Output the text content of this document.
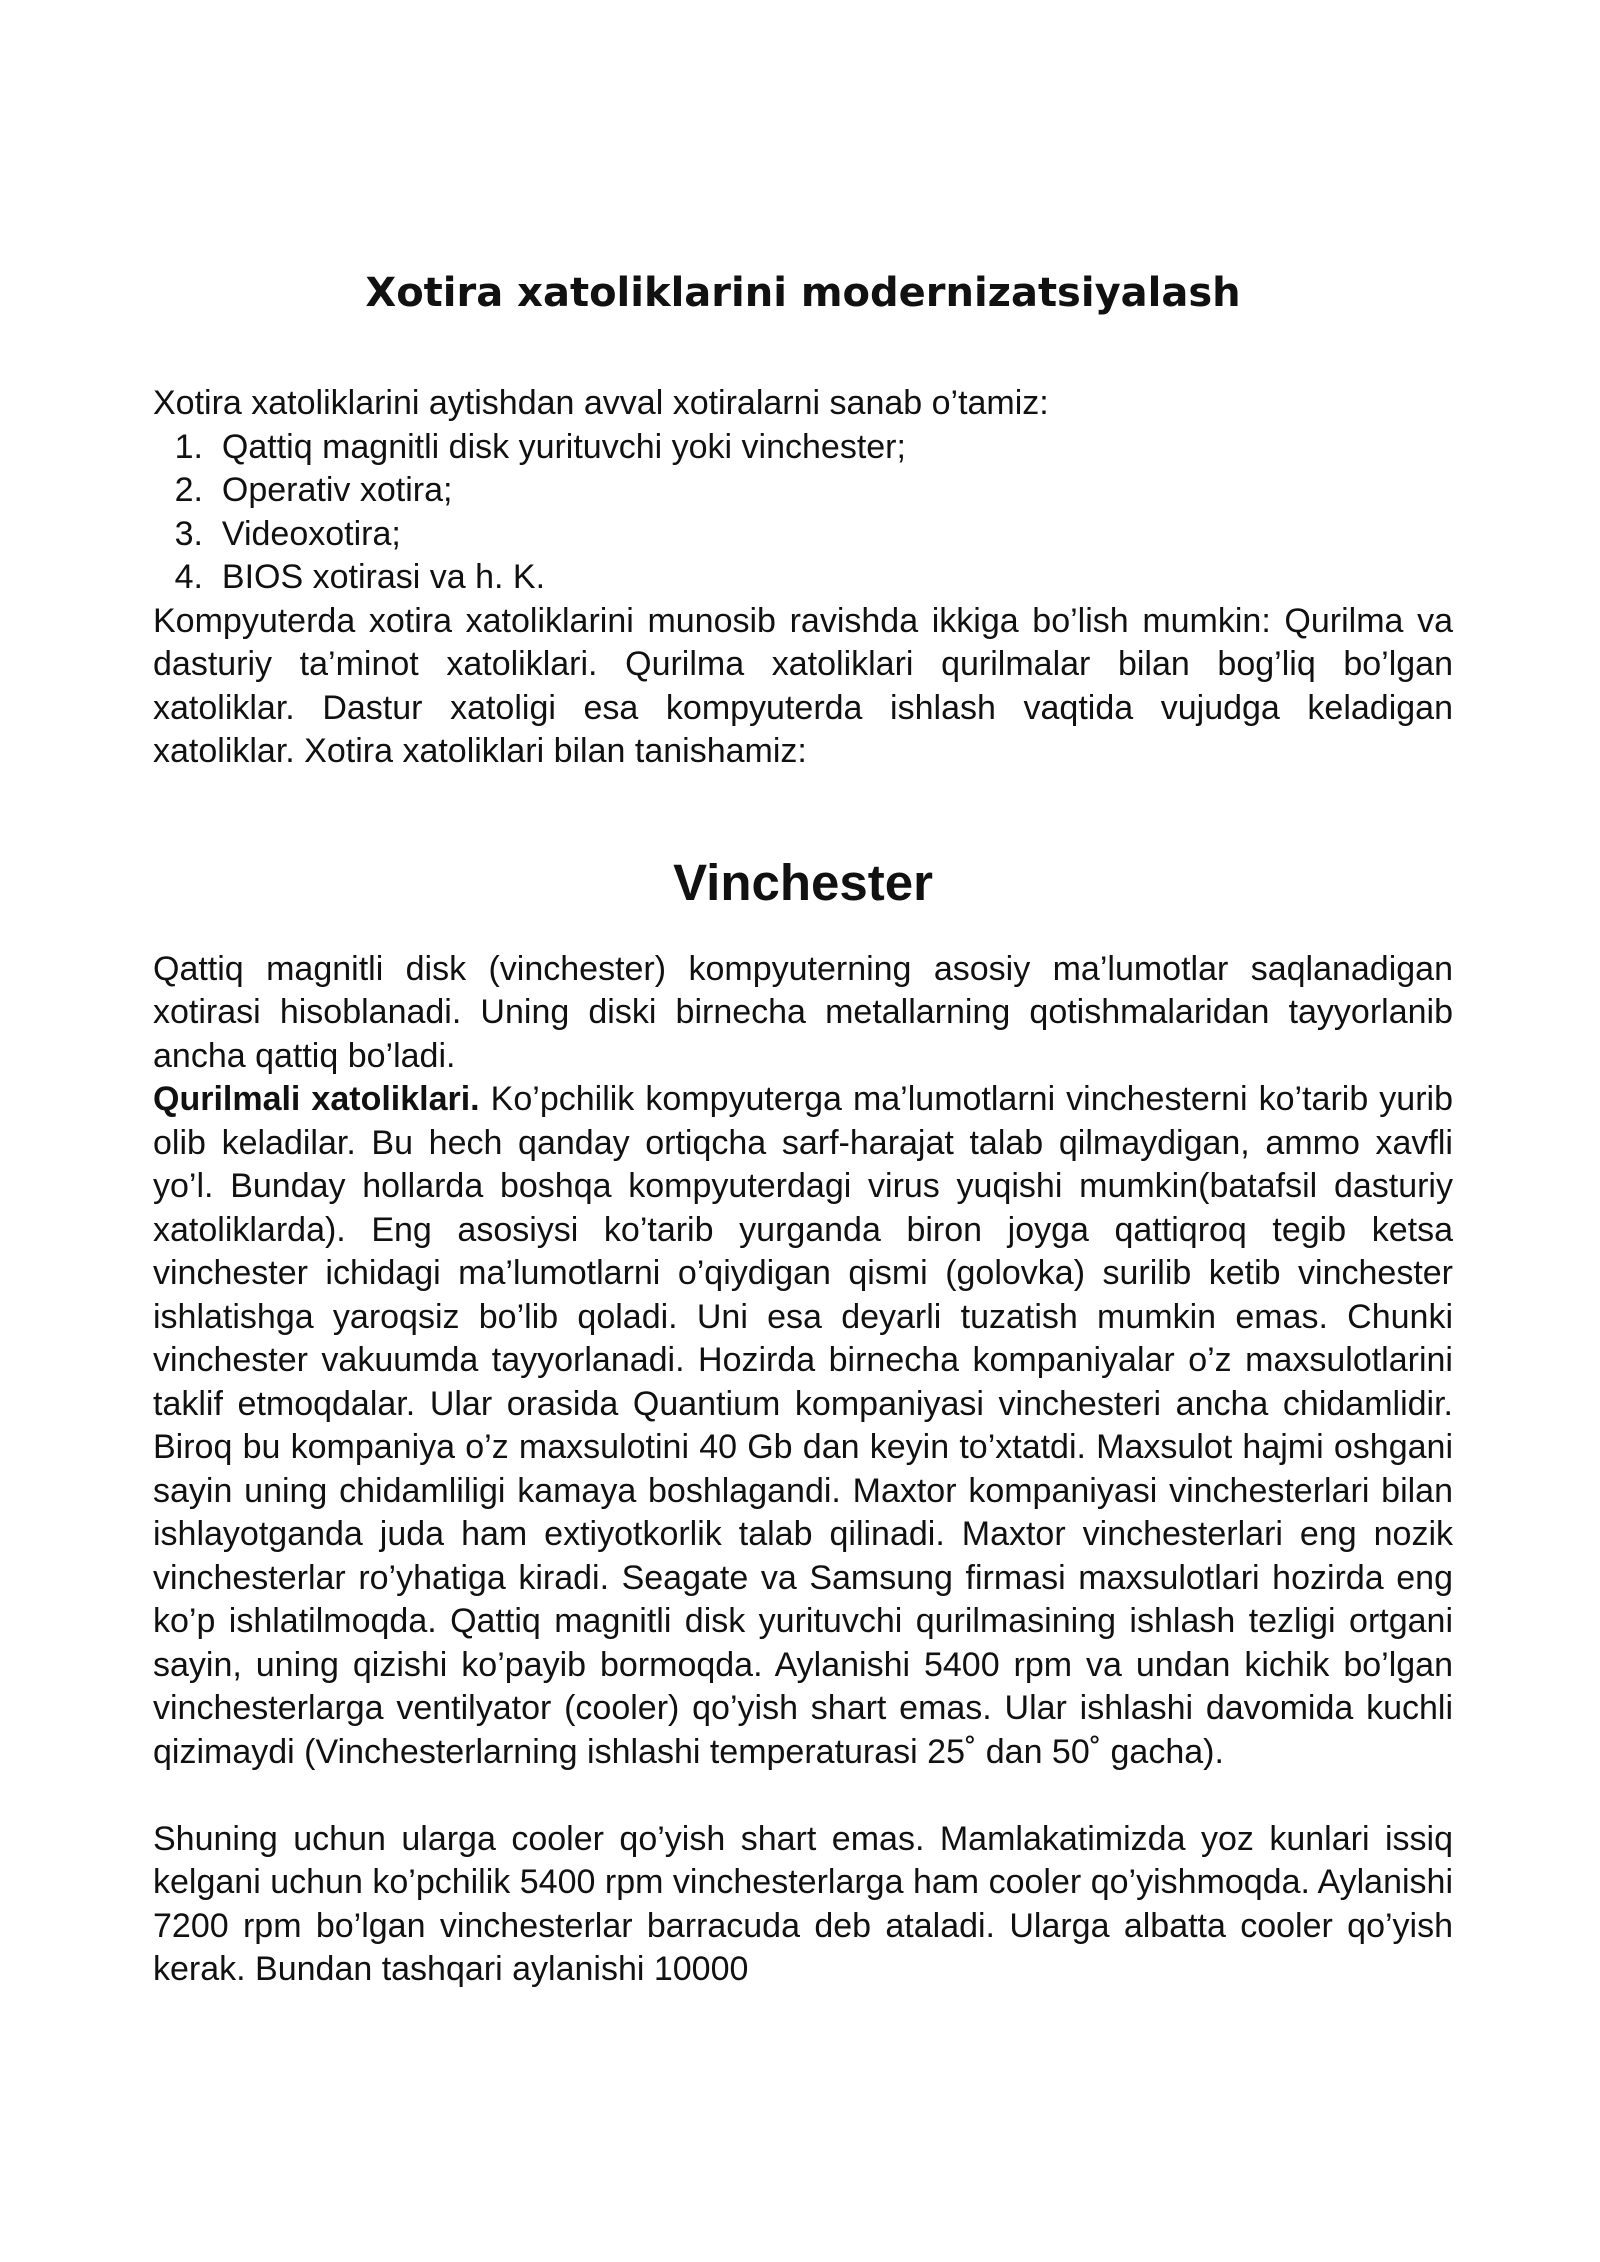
Xotira xatoliklarini modernizatsiyalash

Xotira xatoliklarini aytishdan avval xotiralarni sanab o’tamiz:

1. Qattiq magnitli disk yurituvchi yoki vinchester;
2. Operativ xotira;
3. Videoxotira;
4. BIOS xotirasi va h. K.

Kompyuterda xotira xatoliklarini munosib ravishda ikkiga bo’lish mumkin: Qurilma va dasturiy ta’minot xatoliklari. Qurilma xatoliklari qurilmalar bilan bog’liq bo’lgan xatoliklar. Dastur xatoligi esa kompyuterda ishlash vaqtida vujudga keladigan xatoliklar. Xotira xatoliklari bilan tanishamiz:

Vinchester

Qattiq magnitli disk (vinchester) kompyuterning asosiy ma’lumotlar saqlanadigan xotirasi hisoblanadi. Uning diski birnecha metallarning qotishmalaridan tayyorlanib ancha qattiq bo’ladi.

Qurilmali xatoliklari. Ko’pchilik kompyuterga ma’lumotlarni vinchesterni ko’tarib yurib olib keladilar. Bu hech qanday ortiqcha sarf-harajat talab qilmaydigan, ammo xavfli yo’l. Bunday hollarda boshqa kompyuterdagi virus yuqishi mumkin(batafsil dasturiy xatoliklarda). Eng asosiysi ko’tarib yurganda biron joyga qattiqroq tegib ketsa vinchester ichidagi ma’lumotlarni o’qiydigan qismi (golovka) surilib ketib vinchester ishlatishga yaroqsiz bo’lib qoladi. Uni esa deyarli tuzatish mumkin emas. Chunki vinchester vakuumda tayyorlanadi. Hozirda birnecha kompaniyalar o’z maxsulotlarini taklif etmoqdalar. Ular orasida Quantium kompaniyasi vinchesteri ancha chidamlidir. Biroq bu kompaniya o’z maxsulotini 40 Gb dan keyin to’xtatdi. Maxsulot hajmi oshgani sayin uning chidamliligi kamaya boshlagandi. Maxtor kompaniyasi vinchesterlari bilan ishlayotganda juda ham extiyotkorlik talab qilinadi. Maxtor vinchesterlari eng nozik vinchesterlar ro’yhatiga kiradi. Seagate va Samsung firmasi maxsulotlari hozirda eng ko’p ishlatilmoqda. Qattiq magnitli disk yurituvchi qurilmasining ishlash tezligi ortgani sayin, uning qizishi ko’payib bormoqda. Aylanishi 5400 rpm va undan kichik bo’lgan vinchesterlarga ventilyator (cooler) qo’yish shart emas. Ular ishlashi davomida kuchli qizimaydi (Vinchesterlarning ishlashi temperaturasi 25˚ dan 50˚ gacha).

Shuning uchun ularga cooler qo’yish shart emas. Mamlakatimizda yoz kunlari issiq kelgani uchun ko’pchilik 5400 rpm vinchesterlarga ham cooler qo’yishmoqda. Aylanishi 7200 rpm bo’lgan vinchesterlar barracuda deb ataladi. Ularga albatta cooler qo’yish kerak. Bundan tashqari aylanishi 10000
